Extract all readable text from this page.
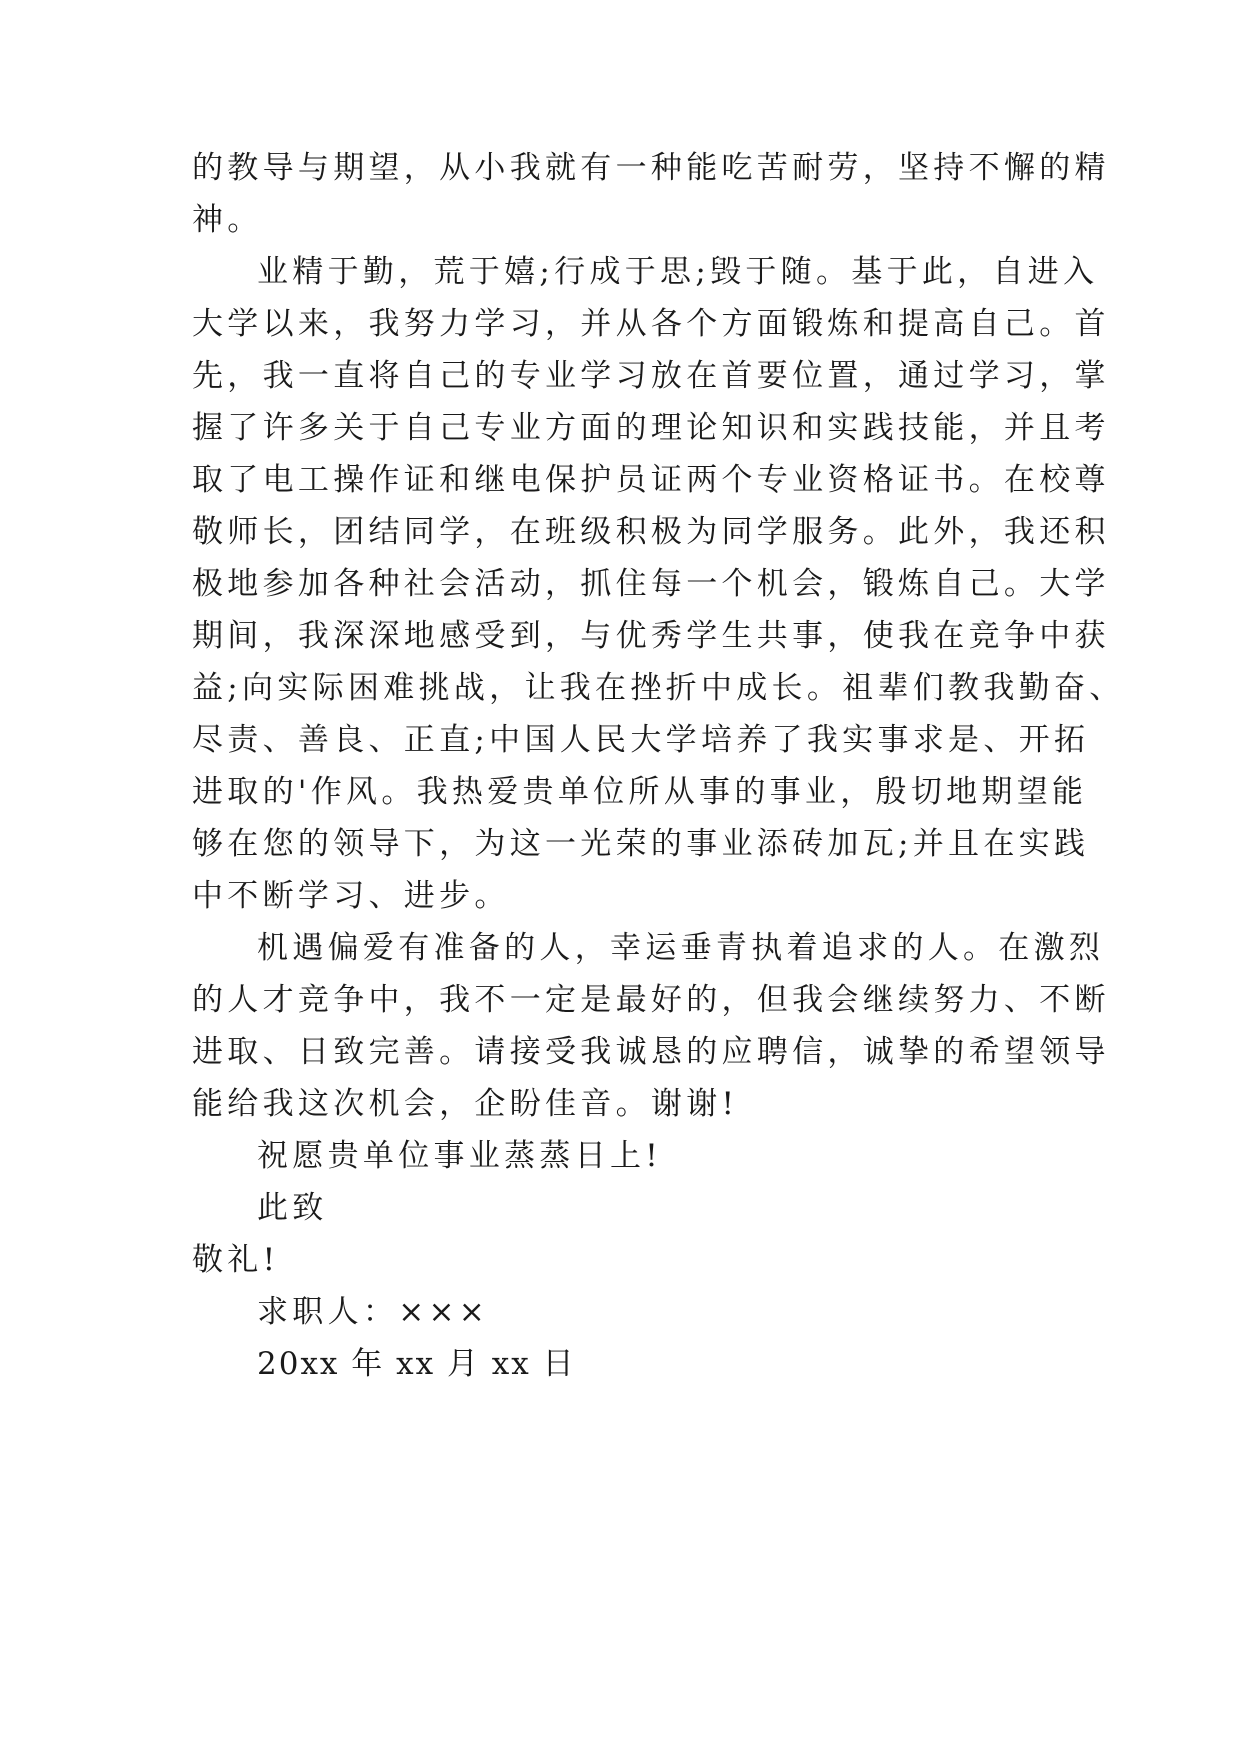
的教导与期望，从小我就有一种能吃苦耐劳，坚持不懈的精
神。
业精于勤，荒于嬉;行成于思;毁于随。基于此，自进入
大学以来，我努力学习，并从各个方面锻炼和提高自己。首
先，我一直将自己的专业学习放在首要位置，通过学习，掌
握了许多关于自己专业方面的理论知识和实践技能，并且考
取了电工操作证和继电保护员证两个专业资格证书。在校尊
敬师长，团结同学，在班级积极为同学服务。此外，我还积
极地参加各种社会活动，抓住每一个机会，锻炼自己。大学
期间，我深深地感受到，与优秀学生共事，使我在竞争中获
益;向实际困难挑战，让我在挫折中成长。祖辈们教我勤奋、
尽责、善良、正直;中国人民大学培养了我实事求是、开拓
进取的'作风。我热爱贵单位所从事的事业，殷切地期望能
够在您的领导下，为这一光荣的事业添砖加瓦;并且在实践
中不断学习、进步。
机遇偏爱有准备的人，幸运垂青执着追求的人。在激烈
的人才竞争中，我不一定是最好的，但我会继续努力、不断
进取、日致完善。请接受我诚恳的应聘信，诚挚的希望领导
能给我这次机会，企盼佳音。谢谢!
祝愿贵单位事业蒸蒸日上!
此致
敬礼!
求职人：×××
20xx 年 xx 月 xx 日
